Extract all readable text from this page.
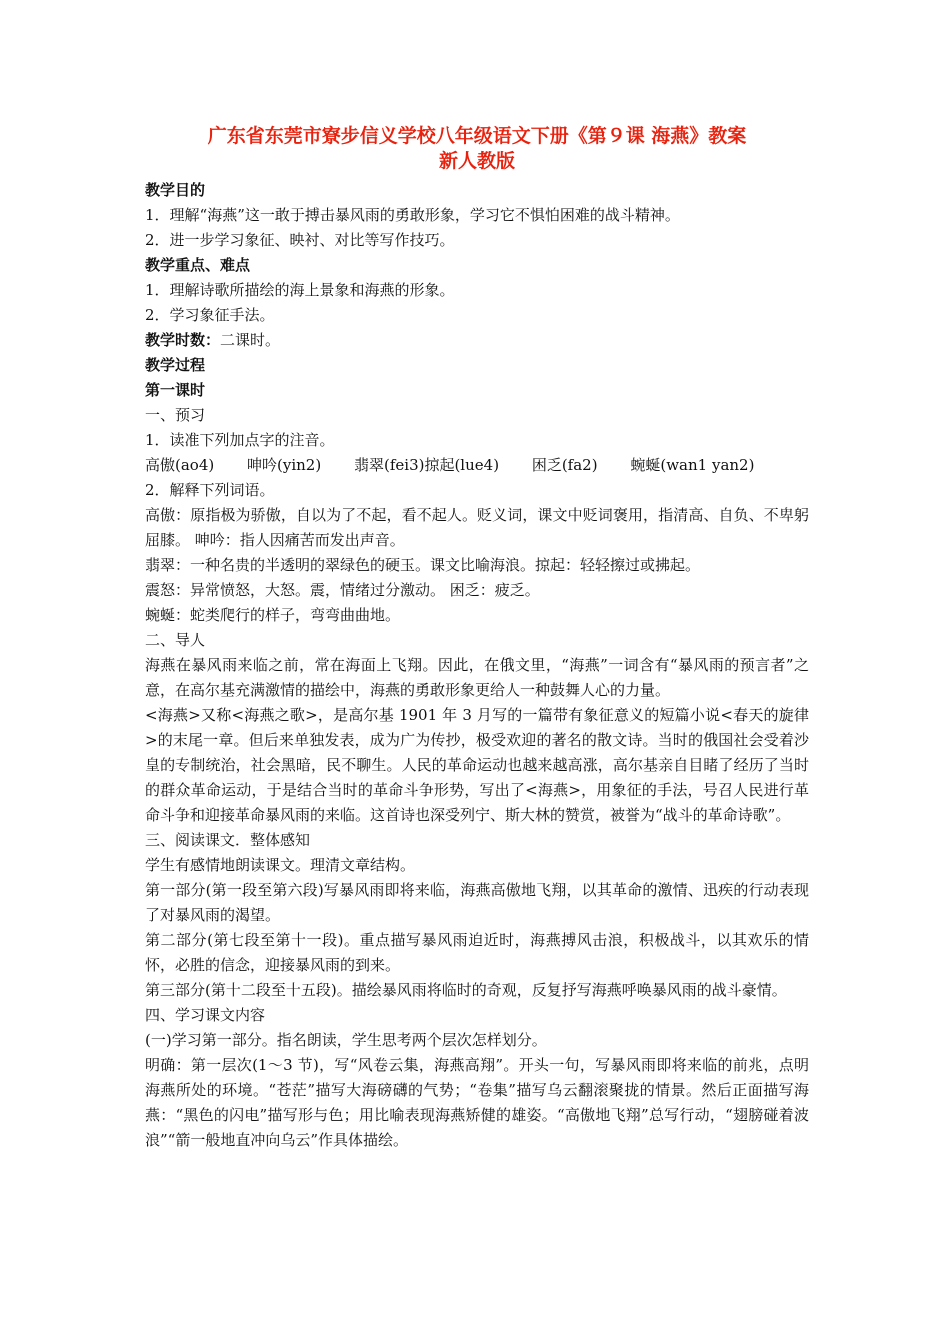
广东省东莞市寮步信义学校八年级语文下册《第９课 海燕》教案
新人教版

教学目的

1．理解“海燕”这一敢于搏击暴风雨的勇敢形象，学习它不惧怕困难的战斗精神。

2．进一步学习象征、映衬、对比等写作技巧。

教学重点、难点

1．理解诗歌所描绘的海上景象和海燕的形象。

2．学习象征手法。

教学时数：二课时。

教学过程

第一课时

一、预习

1．读准下列加点字的注音。

高傲(ao4) 呻吟(yin2) 翡翠(fei3)掠起(lue4) 困乏(fa2) 蜿蜒(wan1 yan2)

2．解释下列词语。

高傲：原指极为骄傲，自以为了不起，看不起人。贬义词，课文中贬词褒用，指清高、自负、不卑躬屈膝。 呻吟：指人因痛苦而发出声音。

翡翠：一种名贵的半透明的翠绿色的硬玉。课文比喻海浪。掠起：轻轻擦过或拂起。

震怒：异常愤怒，大怒。震，情绪过分激动。 困乏：疲乏。

蜿蜒：蛇类爬行的样子，弯弯曲曲地。

二、导人

海燕在暴风雨来临之前，常在海面上飞翔。因此，在俄文里，“海燕”一词含有“暴风雨的预言者”之意，在高尔基充满激情的描绘中，海燕的勇敢形象更给人一种鼓舞人心的力量。

<海燕>又称<海燕之歌>，是高尔基 1901 年 3 月写的一篇带有象征意义的短篇小说<春天的旋律>的末尾一章。但后来单独发表，成为广为传抄，极受欢迎的著名的散文诗。当时的俄国社会受着沙皇的专制统治，社会黑暗，民不聊生。人民的革命运动也越来越高涨，高尔基亲自目睹了经历了当时的群众革命运动，于是结合当时的革命斗争形势，写出了<海燕>，用象征的手法，号召人民进行革命斗争和迎接革命暴风雨的来临。这首诗也深受列宁、斯大林的赞赏，被誉为“战斗的革命诗歌”。

三、阅读课文．整体感知

学生有感情地朗读课文。理清文章结构。

第一部分(第一段至第六段)写暴风雨即将来临，海燕高傲地飞翔，以其革命的激情、迅疾的行动表现了对暴风雨的渴望。

第二部分(第七段至第十一段)。重点描写暴风雨迫近时，海燕搏风击浪，积极战斗，以其欢乐的情怀，必胜的信念，迎接暴风雨的到来。

第三部分(第十二段至十五段)。描绘暴风雨将临时的奇观，反复抒写海燕呼唤暴风雨的战斗豪情。

四、学习课文内容

(一)学习第一部分。指名朗读，学生思考两个层次怎样划分。

明确：第一层次(1～3 节)，写“风卷云集，海燕高翔”。开头一句，写暴风雨即将来临的前兆，点明海燕所处的环境。“苍茫”描写大海磅礴的气势；“卷集”描写乌云翻滚聚拢的情景。然后正面描写海燕：“黑色的闪电”描写形与色；用比喻表现海燕矫健的雄姿。“高傲地飞翔”总写行动，“翅膀碰着波浪”“箭一般地直冲向乌云”作具体描绘。
